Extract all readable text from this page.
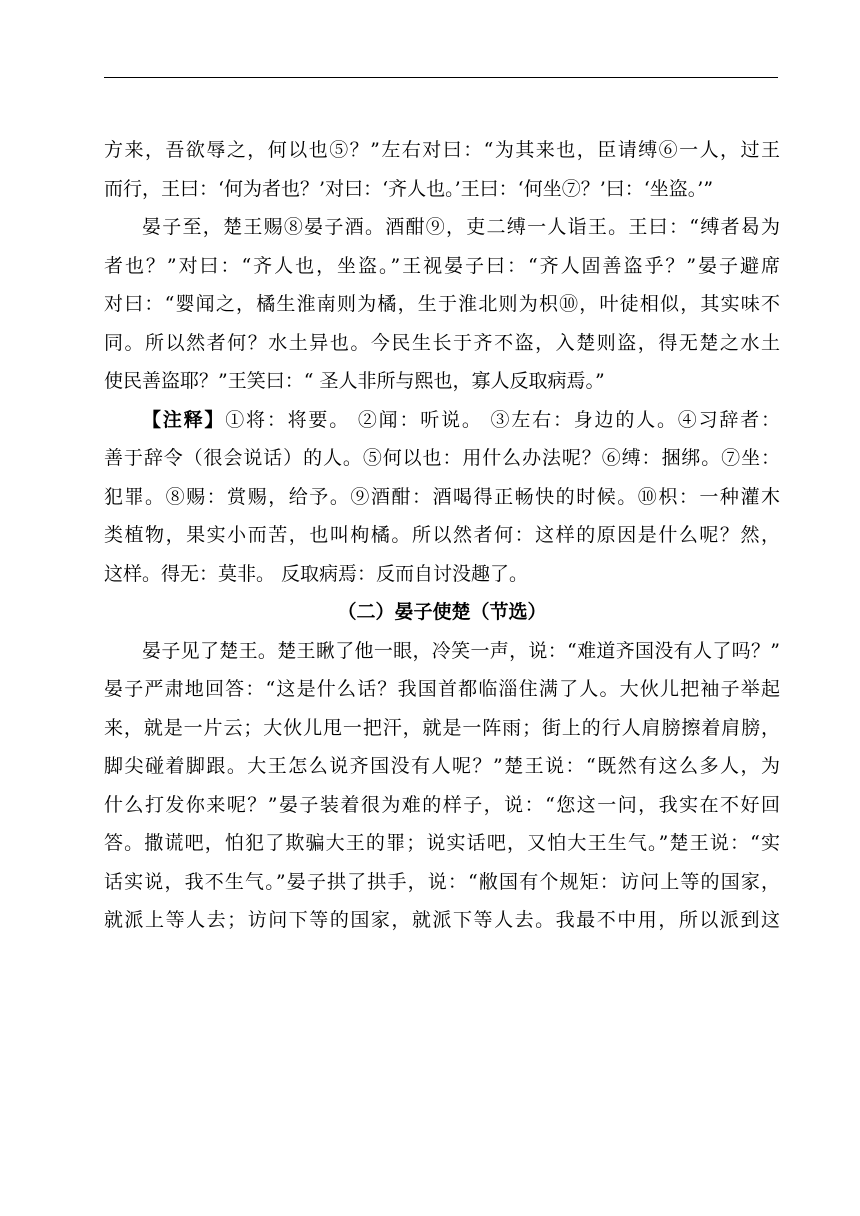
方来，吾欲辱之，何以也⑤？”左右对曰：“为其来也，臣请缚⑥一人，过王
而行，王曰：‘何为者也？’对曰：‘齐人也。’王曰：‘何坐⑦？’曰：‘坐盗。’”
晏子至，楚王赐⑧晏子酒。酒酣⑨，吏二缚一人诣王。王曰：“缚者曷为
者也？”对曰：“齐人也，坐盗。”王视晏子曰：“齐人固善盗乎？”晏子避席
对曰：“婴闻之，橘生淮南则为橘，生于淮北则为枳⑩，叶徒相似，其实味不
同。所以然者何？水土异也。今民生长于齐不盗，入楚则盗，得无楚之水土
使民善盗耶？”王笑曰：“ 圣人非所与熙也，寡人反取病焉。”
【注释】①将：将要。 ②闻：听说。 ③左右：身边的人。④习辞者：
善于辞令（很会说话）的人。⑤何以也：用什么办法呢？⑥缚：捆绑。⑦坐：
犯罪。⑧赐：赏赐，给予。⑨酒酣：酒喝得正畅快的时候。⑩枳：一种灌木
类植物，果实小而苦，也叫枸橘。所以然者何：这样的原因是什么呢？然，
这样。得无：莫非。 反取病焉：反而自讨没趣了。
（二）晏子使楚（节选）
晏子见了楚王。楚王瞅了他一眼，冷笑一声，说：“难道齐国没有人了吗？”
晏子严肃地回答：“这是什么话？我国首都临淄住满了人。大伙儿把袖子举起
来，就是一片云；大伙儿甩一把汗，就是一阵雨；街上的行人肩膀擦着肩膀，
脚尖碰着脚跟。大王怎么说齐国没有人呢？”楚王说：“既然有这么多人，为
什么打发你来呢？”晏子装着很为难的样子，说：“您这一问，我实在不好回
答。撒谎吧，怕犯了欺骗大王的罪；说实话吧，又怕大王生气。”楚王说：“实
话实说，我不生气。”晏子拱了拱手，说：“敝国有个规矩：访问上等的国家，
就派上等人去；访问下等的国家，就派下等人去。我最不中用，所以派到这
